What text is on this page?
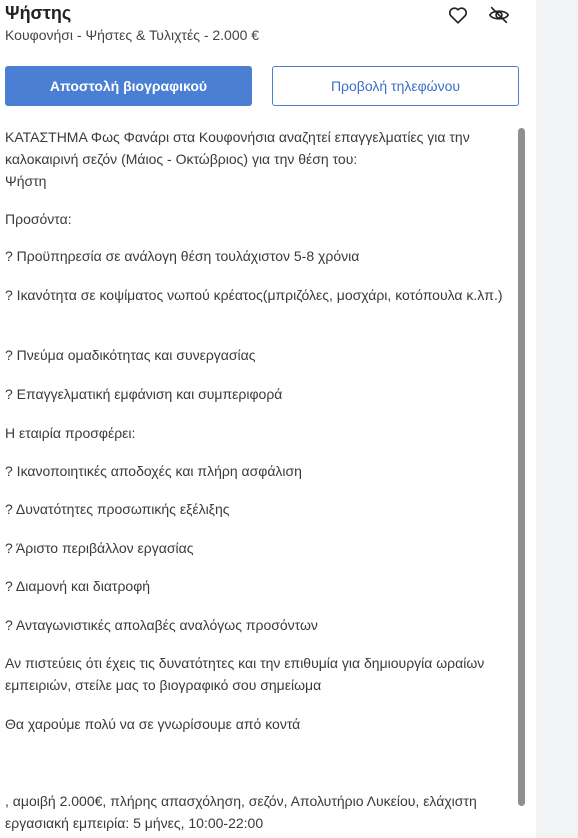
Ψήστης
Κουφονήσι - Ψήστες & Τυλιχτές - 2.000 €
Αποστολή βιογραφικού	Προβολή τηλεφώνου

ΚΑΤΑΣΤΗΜΑ Φως Φανάρι στα Κουφονήσια αναζητεί επαγγελματίες για την καλοκαιρινή σεζόν (Μάιος - Οκτώβριος) για την θέση του:

Ψήστη

Προσόντα:

? Προϋπηρεσία σε ανάλογη θέση τουλάχιστον 5-8 χρόνια

? Ικανότητα σε κοψίματος νωπού κρέατος(μπριζόλες, μοσχάρι, κοτόπουλα κ.λπ.)

? Πνεύμα ομαδικότητας και συνεργασίας

? Επαγγελματική εμφάνιση και συμπεριφορά

Η εταιρία προσφέρει:

? Ικανοποιητικές αποδοχές και πλήρη ασφάλιση

? Δυνατότητες προσωπικής εξέλιξης

? Άριστο περιβάλλον εργασίας

? Διαμονή και διατροφή

? Ανταγωνιστικές απολαβές αναλόγως προσόντων

Αν πιστεύεις ότι έχεις τις δυνατότητες και την επιθυμία για δημιουργία ωραίων εμπειριών, στείλε μας το βιογραφικό σου σημείωμα

Θα χαρούμε πολύ να σε γνωρίσουμε από κοντά

, αμοιβή 2.000€, πλήρης απασχόληση, σεζόν, Απολυτήριο Λυκείου, ελάχιστη εργασιακή εμπειρία: 5 μήνες, 10:00-22:00
